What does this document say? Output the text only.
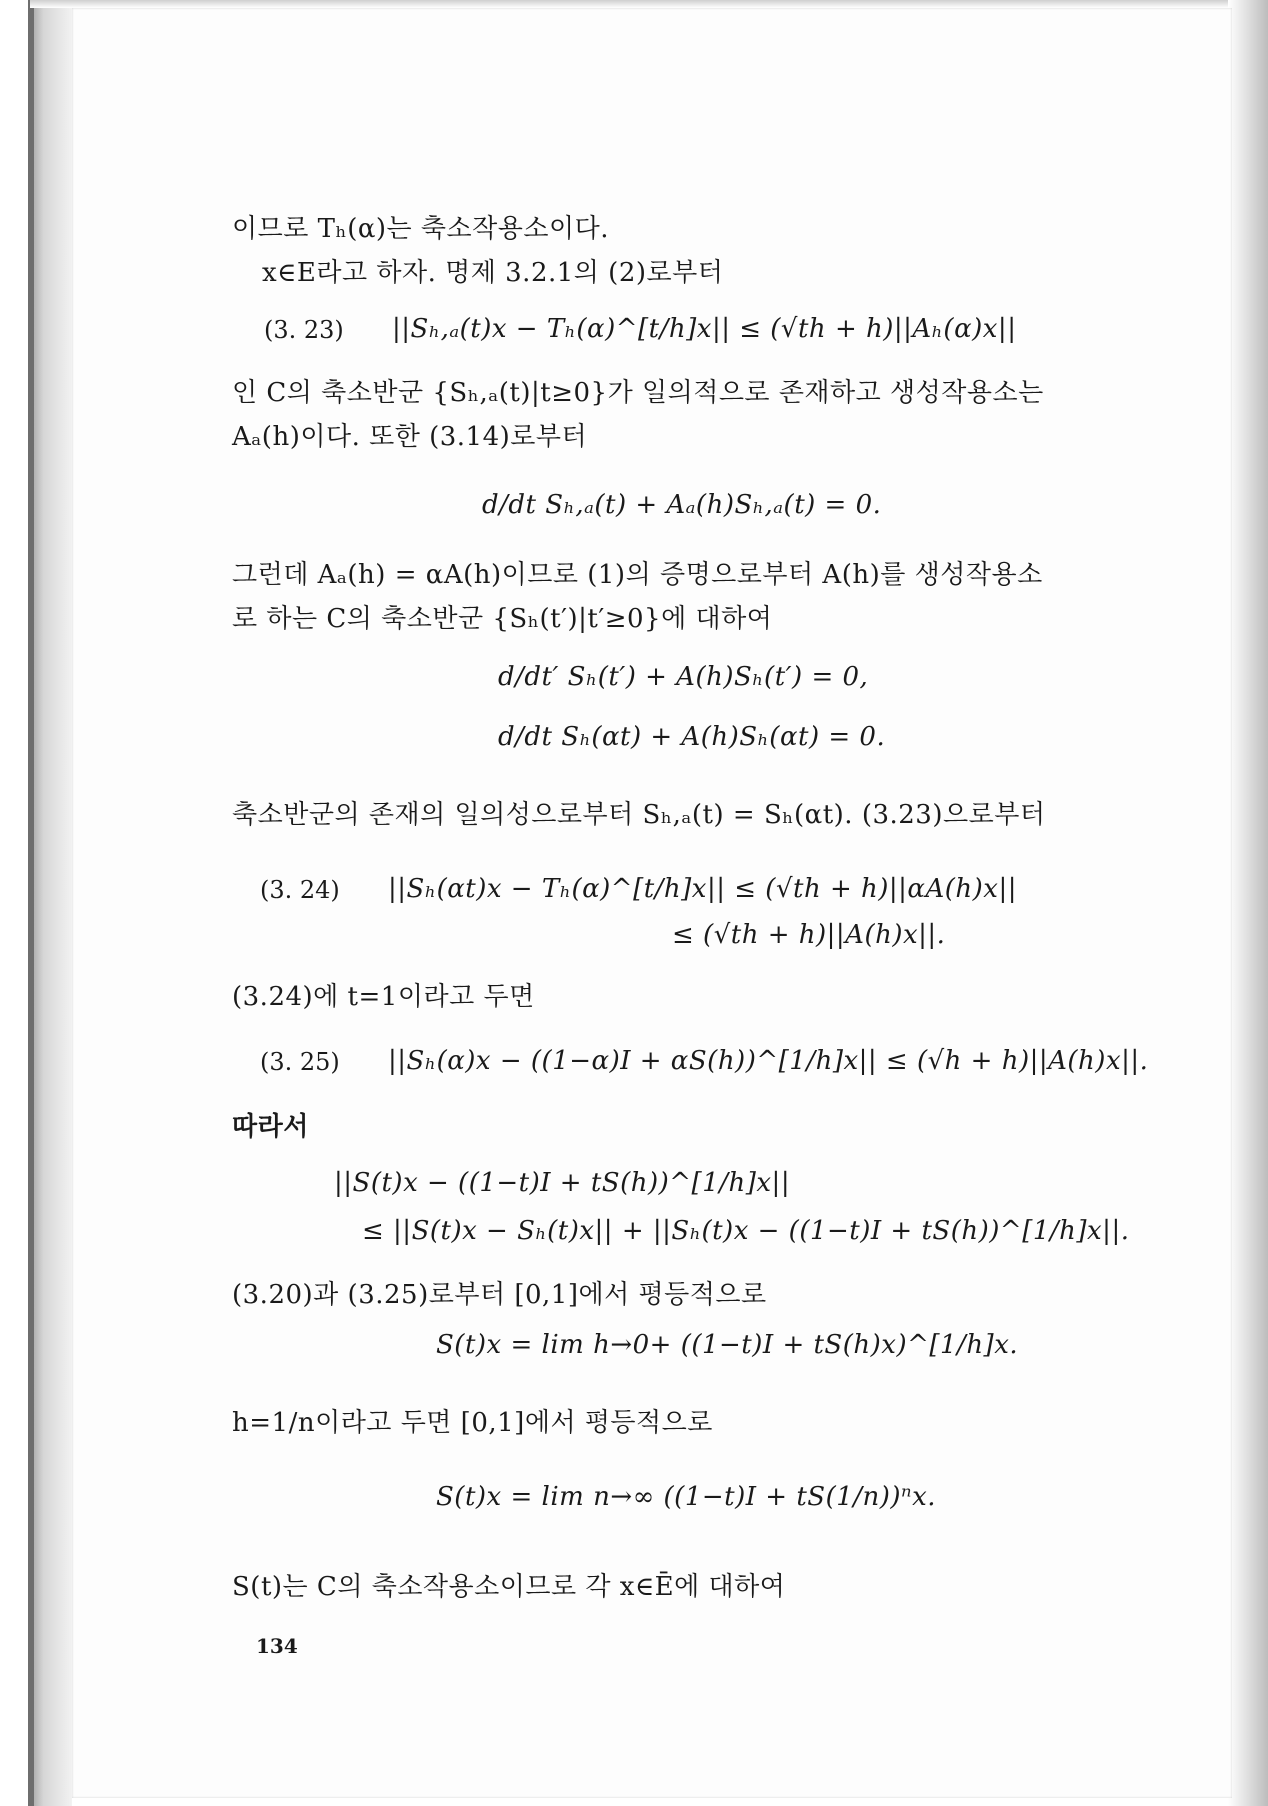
이므로 Tₕ(α)는 축소작용소이다.
x∈E라고 하자. 명제 3.2.1의 (2)로부터
(3. 23) ||Sₕ,ₐ(t)x − Tₕ(α)^[t/h]x|| ≤ (√th + h)||Aₕ(α)x||
인 C의 축소반군 {Sₕ,ₐ(t)|t≥0}가 일의적으로 존재하고 생성작용소는
Aₐ(h)이다. 또한 (3.14)로부터
d/dt Sₕ,ₐ(t) + Aₐ(h)Sₕ,ₐ(t) = 0.
그런데 Aₐ(h) = αA(h)이므로 (1)의 증명으로부터 A(h)를 생성작용소
로 하는 C의 축소반군 {Sₕ(t′)|t′≥0}에 대하여
d/dt′ Sₕ(t′) + A(h)Sₕ(t′) = 0,
d/dt Sₕ(αt) + A(h)Sₕ(αt) = 0.
축소반군의 존재의 일의성으로부터 Sₕ,ₐ(t) = Sₕ(αt). (3.23)으로부터
(3. 24) ||Sₕ(αt)x − Tₕ(α)^[t/h]x|| ≤ (√th + h)||αA(h)x||
≤ (√th + h)||A(h)x||.
(3.24)에 t=1이라고 두면
(3. 25) ||Sₕ(α)x − ((1−α)I + αS(h))^[1/h]x|| ≤ (√h + h)||A(h)x||.
따라서
||S(t)x − ((1−t)I + tS(h))^[1/h]x||
≤ ||S(t)x − Sₕ(t)x|| + ||Sₕ(t)x − ((1−t)I + tS(h))^[1/h]x||.
(3.20)과 (3.25)로부터 [0,1]에서 평등적으로
S(t)x = lim h→0+ ((1−t)I + tS(h)x)^[1/h]x.
h=1/n이라고 두면 [0,1]에서 평등적으로
S(t)x = lim n→∞ ((1−t)I + tS(1/n))ⁿx.
S(t)는 C의 축소작용소이므로 각 x∈Ē에 대하여
134
